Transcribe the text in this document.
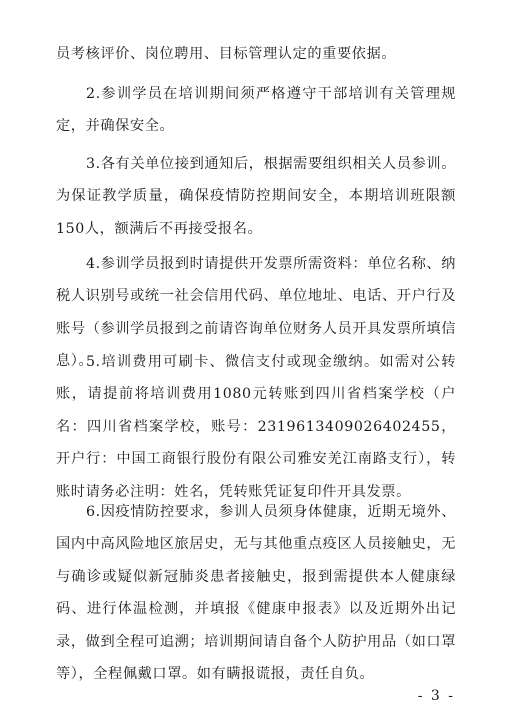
员考核评价、岗位聘用、目标管理认定的重要依据。

2.参训学员在培训期间须严格遵守干部培训有关管理规定，并确保安全。

3.各有关单位接到通知后，根据需要组织相关人员参训。为保证教学质量，确保疫情防控期间安全，本期培训班限额150人，额满后不再接受报名。

4.参训学员报到时请提供开发票所需资料：单位名称、纳税人识别号或统一社会信用代码、单位地址、电话、开户行及账号（参训学员报到之前请咨询单位财务人员开具发票所填信息）。

5.培训费用可刷卡、微信支付或现金缴纳。如需对公转账，请提前将培训费用1080元转账到四川省档案学校（户名：四川省档案学校，账号：2319613409026402455，开户行：中国工商银行股份有限公司雅安羌江南路支行），转账时请务必注明：姓名，凭转账凭证复印件开具发票。

6.因疫情防控要求，参训人员须身体健康，近期无境外、国内中高风险地区旅居史，无与其他重点疫区人员接触史，无与确诊或疑似新冠肺炎患者接触史，报到需提供本人健康绿码、进行体温检测，并填报《健康申报表》以及近期外出记录，做到全程可追溯；培训期间请自备个人防护用品（如口罩等），全程佩戴口罩。如有瞒报谎报，责任自负。

- 3 -
